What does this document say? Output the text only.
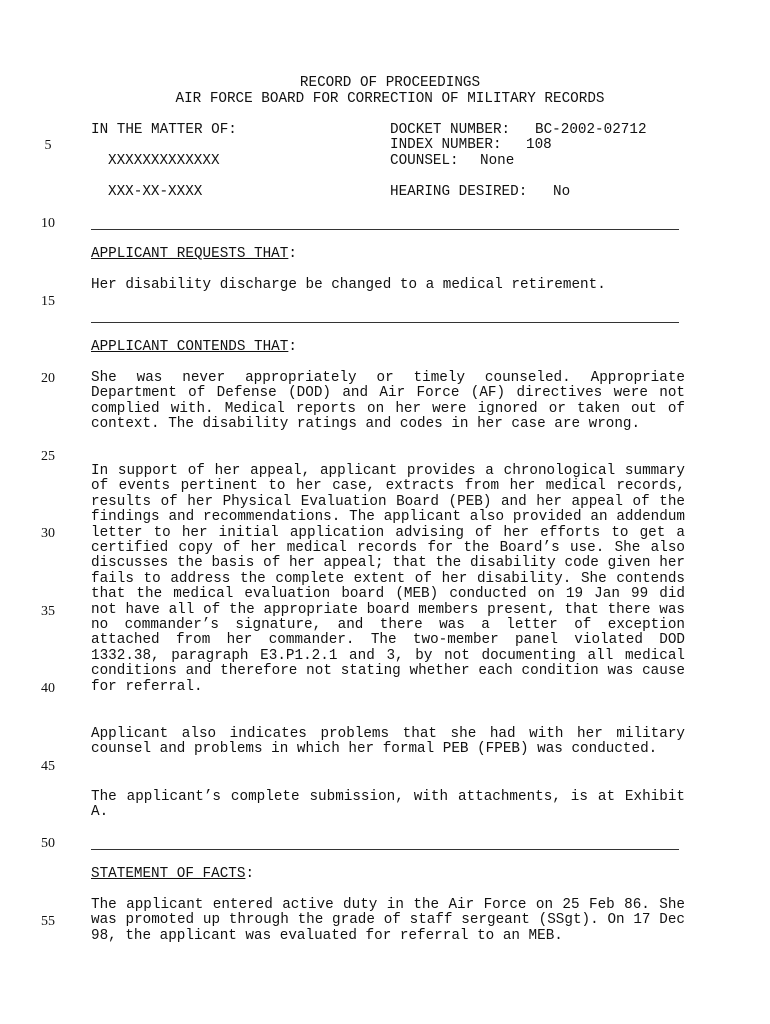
RECORD OF PROCEEDINGS
AIR FORCE BOARD FOR CORRECTION OF MILITARY RECORDS
IN THE MATTER OF:
XXXXXXXXXXXXX
XXX-XX-XXXX
DOCKET NUMBER: BC-2002-02712
INDEX NUMBER: 108
COUNSEL: None
HEARING DESIRED: No
5
10
15
20
25
30
35
40
45
50
55
APPLICANT REQUESTS THAT:
Her disability discharge be changed to a medical retirement.
APPLICANT CONTENDS THAT:

She was never appropriately or timely counseled. Appropriate Department of Defense (DOD) and Air Force (AF) directives were not complied with. Medical reports on her were ignored or taken out of context. The disability ratings and codes in her case are wrong.

In support of her appeal, applicant provides a chronological summary of events pertinent to her case, extracts from her medical records, results of her Physical Evaluation Board (PEB) and her appeal of the findings and recommendations. The applicant also provided an addendum letter to her initial application advising of her efforts to get a certified copy of her medical records for the Board’s use. She also discusses the basis of her appeal; that the disability code given her fails to address the complete extent of her disability. She contends that the medical evaluation board (MEB) conducted on 19 Jan 99 did not have all of the appropriate board members present, that there was no commander’s signature, and there was a letter of exception attached from her commander. The two-member panel violated DOD 1332.38, paragraph E3.P1.2.1 and 3, by not documenting all medical conditions and therefore not stating whether each condition was cause for referral.

Applicant also indicates problems that she had with her military counsel and problems in which her formal PEB (FPEB) was conducted.

The applicant’s complete submission, with attachments, is at Exhibit A.

STATEMENT OF FACTS:

The applicant entered active duty in the Air Force on 25 Feb 86. She was promoted up through the grade of staff sergeant (SSgt). On 17 Dec 98, the applicant was evaluated for referral to an MEB.
